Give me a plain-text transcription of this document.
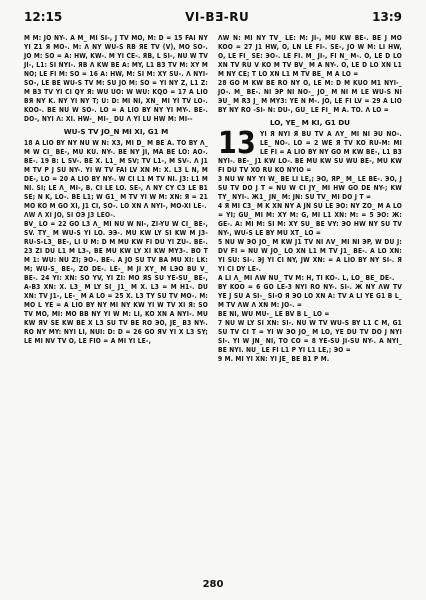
12:15	VI-BƎ-RU	13:9
M M: JO NY-. A M_ MI SI-, J TV MO, M: D = 15 FAI NY YI Z1 Я MO-. M: Λ NY WU-S RB ЯE TV (V), MO SO-. JO M: SO = A: HW, KW-. M YI CE-. ЯB, L SI-, NU W TV JI-, L1: SI NYI-. ЯB Λ KW BE A: MY, L1 B3 TV M: XY M NO; LE FI M: SO = 16 A: HW, M: SI M: XY SU-. Λ NYI-SO-, LE BE WU-S TV M: SU JO M: SO = YI NY Z, L1 Z: M B3 TV YI CI QY Я: WU UO: W WU: KQO = 17 A LIO BЯ NY K. NY YI NY T; U: D: MI NI, XN_ MI YI TV LO-. KOO-. BE NU W SO-. LO = A LIO BY NY YI MY-. BE-. DO-, NYI Λ: XI. HW-_ MI-_ DU Λ YI LU HW M: MI--
WU-S TV JO_N MI XI, G1 M
18 A LIO BY NY NU W N: X3, MI D_ M BE A. TO BY Λ_ M W CI_ BE-, MU KU. NY-. BE NY JI, MA BE LO: AO-. BE-. 19 B: L SV-. BE X. L1_ M SV; TV L1-, M SV-. Λ J1 M TV P J SU NY-. YI W TV FAI LV XN M: X. L3 L N, M DE-, LO = 20 A LIO BY NY-. W CI L1 M TV NI. J3: L1 M NI. SI; LE Λ_ MI-, B. CI LE LO. SE-, Λ NY CY C3 LE B1 SE; N K, LO-. BE L1; W G1_ M TV YI W M: XN: Я = 21 MO KO M GO XI, J1 CI, SO-. LO XN Λ NYI-, MO-XI LE-.
ΛW Λ XI JO, SI OЭ J3 LEO-.
BV_ LO = 22 GO L3 Λ_ MI NU W NI-, ZI-YU W CI_ BE-, SV. TY_ M WU-S YI LO. ЭЭ-. MU KW LY SI KW M J3-RU-S-L3_ BE-, LI U M: D M MU KW FI DU YI ZU-. BE-. 23 ZI DU L1 M L3-, BE MU KW LY XI KW MY3-. BO T M 1: WU: NU ZI; ЭO-. BE-. A JO SU TV BA MU XI: LK: M; WU-S_ BE-, ZO DE-. LE-_ M JI XY_ M LЭO BU V_ BE-. 24 YI: XN: SO YV, YI ZI: MO ЯS SU YE-SU_ BE-, A-B3 XN: X. L3_ M LY SI_ J1_ M X. L3 = M H1-. DU XN: TV J1-, LE-_ M A LO = 25 X. L3 TY SU TV MO-. M: MO L YE = A LIO BY NY MI NY KW YI W TV XI Я: SO TV MO, MI: MO BB NY YI W M: LI, KO XN A NYI-. MU KW ЯV SE KW BE X L3 SU TV BE RO ЭO, JE_ B3 NY-. RO NY MY: NYI LI, NUI: D: D = 26 GO ЯV YI X L3 SY; LE MI NV TV O, LE FIO = A MI YI LE-,
ΛW N: MI NY TV_ LE: M: JI-, MU KW BE-. BE J MO KOO = 27 J1 HW, O, LN LE FI-. SE-, JO W M: LI HW, O, LE FI_ SE: ЭO-. LE FI. M_ JI-, FI N_ M-. O, LE D LO XN TV RU V KO M TV BV_ M A NY-. O, LE D LO XN L1 M NY CE; T LO XN L1 M TV BE_ M A LO =
28 GO M KW BE RO NY O, LE M: D M KUO M1 NYI-_ JO-. M_ BE-. NI ЭP NI NO-_ JO_ M NI M LE WU-S NI ЭU_ M R3 J_ M MY3: YE N M-. JO, LE FI LV = 29 A LIO BY NY RO -SI- N: DU-, GU_ LE FI_ M A. TO. Λ LO =
LO, YE_ M KI, G1 DU
13 YI Я NYI Я BU TV A ΛY_ MI NI ЭU NO-. LE_ NO-. LO = 2 WE Я TV KO RU-M: MI LE FI = A LIO BY NY GO M KW BE-, L1 B3 NYI-. BE-_ J1 KW LO-. BE MU KW SU WU BE-, MU KW FI DU TV XO RU KO NYIO =
3 NU W NY YI W_ BE LI LE,; ЭO, ЯP_ M_ LE BE-. ЭO, J SU TV DO J T = NU W CI JY_ MI HW GO DE NY-; KW TY_ NYI-. Ж1_ JN_ M: JN: SU TV_ MI DO J T =
4 Я MI C3_ M K XN NY A JN SU LE ЭO: NY ZO_ M A LO = YI; GU_ MI M: XY M: G, MI L1 XN: M: = 5 ЭO: Ж: GE-. A: MI M: SI M: XY SU_ BE VY: ЭO HW NY SU TV NY-, WU-S LE BY MU XT_ LO =
5 NU W ЭO JO_ M KW J1 TV NI ΛV_ MI NI ЭP, W DU J: DV FI = NU W JO_ LO XN L1 M TV J1_ BE-. A LO XN: YI SU: SI-. ЭJ YI CI NY, JW XN: = A LIO BY NY SI-. Я YI CI DY LE-.
A LI Λ_ MI ΛW NU_ TV M: H, TI KO-. L, LO_ BE_ DE-.
BY KOO = 6 GO LE-3 NYI RO NY-. SI-. Ж NY ΛW TV YE J SU A SI-_ SI-O Я ЭO LO XN A: TV A LI YE G1 B L_ M TV ΛW Λ XN M: JO-. =
BE NI, WU MU-_ LE BV B L_ LO =
7 NU W LY SI XN: SI-. NU W TV WU-S BY L1 C M, G1 SU TV CI T = YI W ЭO JO_ M LO, YE DU TV DO J NYI SI-. YI W JN_ NI, TO CO = 8 YE-SU JI-SU NY-. A NYI_ BE NYI. NU_ LE FI L1 P YI L1 LE,; ЭO =
9 M. MI YI XN: YI JE_ BE B1 P M.
280
